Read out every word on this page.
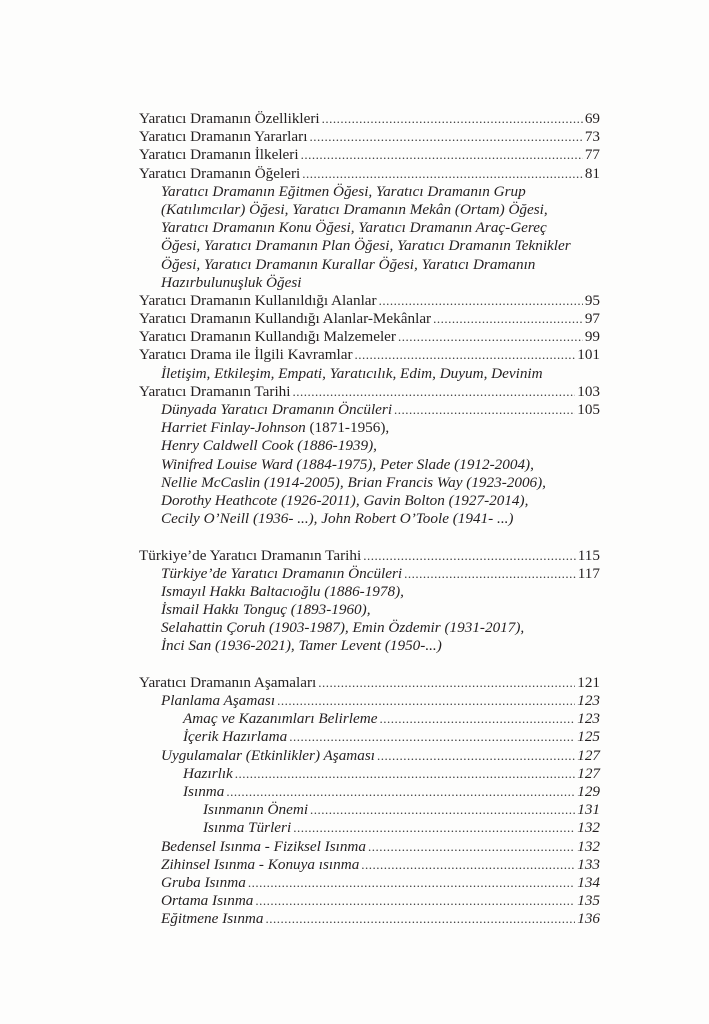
Yaratıcı Dramanın Özellikleri .....	69
Yaratıcı Dramanın Yararları .....	73
Yaratıcı Dramanın İlkeleri .....	77
Yaratıcı Dramanın Öğeleri .....	81
Yaratıcı Dramanın Eğitmen Öğesi, Yaratıcı Dramanın Grup
(Katılımcılar) Öğesi, Yaratıcı Dramanın Mekân (Ortam) Öğesi,
Yaratıcı Dramanın Konu Öğesi, Yaratıcı Dramanın Araç-Gereç
Öğesi, Yaratıcı Dramanın Plan Öğesi, Yaratıcı Dramanın Teknikler
Öğesi, Yaratıcı Dramanın Kurallar Öğesi, Yaratıcı Dramanın
Hazırbulunuşluk Öğesi
Yaratıcı Dramanın Kullanıldığı Alanlar .....	95
Yaratıcı Dramanın Kullandığı Alanlar-Mekânlar .....	97
Yaratıcı Dramanın Kullandığı Malzemeler .....	99
Yaratıcı Drama ile İlgili Kavramlar .....	101
İletişim, Etkileşim, Empati, Yaratıcılık, Edim, Duyum, Devinim
Yaratıcı Dramanın Tarihi .....	103
Dünyada Yaratıcı Dramanın Öncüleri .....	105
Harriet Finlay-Johnson (1871-1956),
Henry Caldwell Cook (1886-1939),
Winifred Louise Ward (1884-1975), Peter Slade (1912-2004),
Nellie McCaslin (1914-2005), Brian Francis Way (1923-2006),
Dorothy Heathcote (1926-2011), Gavin Bolton (1927-2014),
Cecily O’Neill (1936- ...), John Robert O’Toole (1941- ...)
Türkiye’de Yaratıcı Dramanın Tarihi .....	115
Türkiye’de Yaratıcı Dramanın Öncüleri .....	117
Ismayıl Hakkı Baltacıoğlu (1886-1978),
İsmail Hakkı Tonguç (1893-1960),
Selahattin Çoruh (1903-1987), Emin Özdemir (1931-2017),
İnci San (1936-2021), Tamer Levent (1950-...)
Yaratıcı Dramanın Aşamaları .....	121
Planlama Aşaması .....	123
Amaç ve Kazanımları Belirleme .....	123
İçerik Hazırlama .....	125
Uygulamalar (Etkinlikler) Aşaması .....	127
Hazırlık .....	127
Isınma .....	129
Isınmanın Önemi .....	131
Isınma Türleri .....	132
Bedensel Isınma - Fiziksel Isınma .....	132
Zihinsel Isınma - Konuya ısınma .....	133
Gruba Isınma .....	134
Ortama Isınma .....	135
Eğitmene Isınma .....	136
